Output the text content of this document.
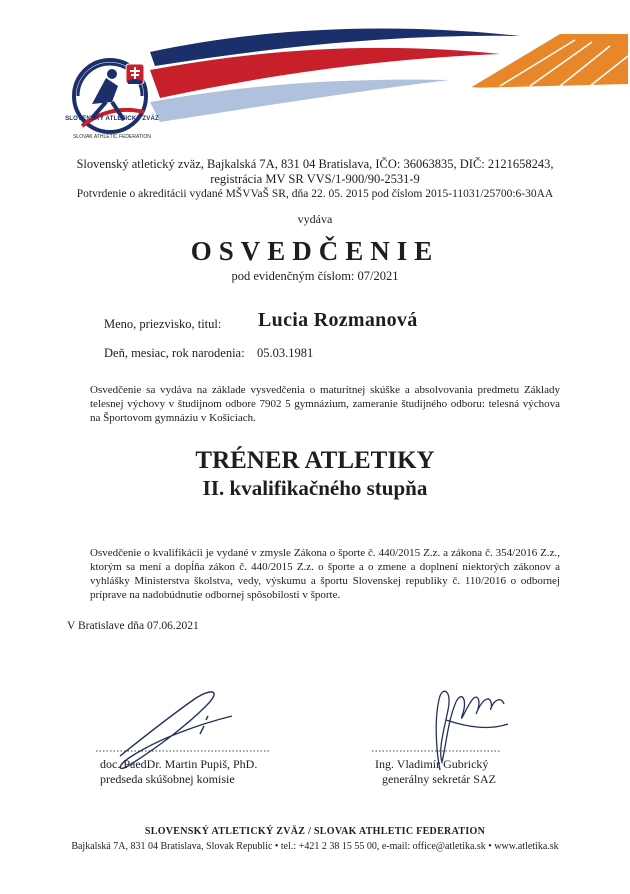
SLOVENSKÝ ATLETICKÝ ZVÄZ
SLOVAK ATHLETIC FEDERATION
Slovenský atletický zväz, Bajkalská 7A, 831 04 Bratislava, IČO: 36063835, DIČ: 2121658243,
registrácia MV SR VVS/1-900/90-2531-9
Potvrdenie o akreditácii vydané MŠVVaŠ SR, dňa 22. 05. 2015 pod číslom 2015-11031/25700:6-30AA
vydáva
OSVEDČENIE
pod evidenčným číslom: 07/2021
Meno, priezvisko, titul: Lucia Rozmanová
Deň, mesiac, rok narodenia: 05.03.1981
Osvedčenie sa vydáva na základe vysvedčenia o maturitnej skúške a absolvovania predmetu Základy telesnej výchovy v študijnom odbore 7902 5 gymnázium, zameranie študijného odboru: telesná výchova na Športovom gymnáziu v Košiciach.
TRÉNER ATLETIKY
II. kvalifikačného stupňa
Osvedčenie o kvalifikácii je vydané v zmysle Zákona o športe č. 440/2015 Z.z. a zákona č. 354/2016 Z.z., ktorým sa mení a dopĺňa zákon č. 440/2015 Z.z. o športe a o zmene a doplnení niektorých zákonov a vyhlášky Ministerstva školstva, vedy, výskumu a športu Slovenskej republiky č. 110/2016 o odbornej príprave na nadobúdnutie odbornej spôsobilosti v športe.
V Bratislave dňa 07.06.2021
doc. PaedDr. Martin Pupiš, PhD.
predseda skúšobnej komisie
Ing. Vladimír Gubrický
generálny sekretár SAZ
SLOVENSKÝ ATLETICKÝ ZVÄZ / SLOVAK ATHLETIC FEDERATION
Bajkalská 7A, 831 04 Bratislava, Slovak Republic • tel.: +421 2 38 15 55 00, e-mail: office@atletika.sk • www.atletika.sk
